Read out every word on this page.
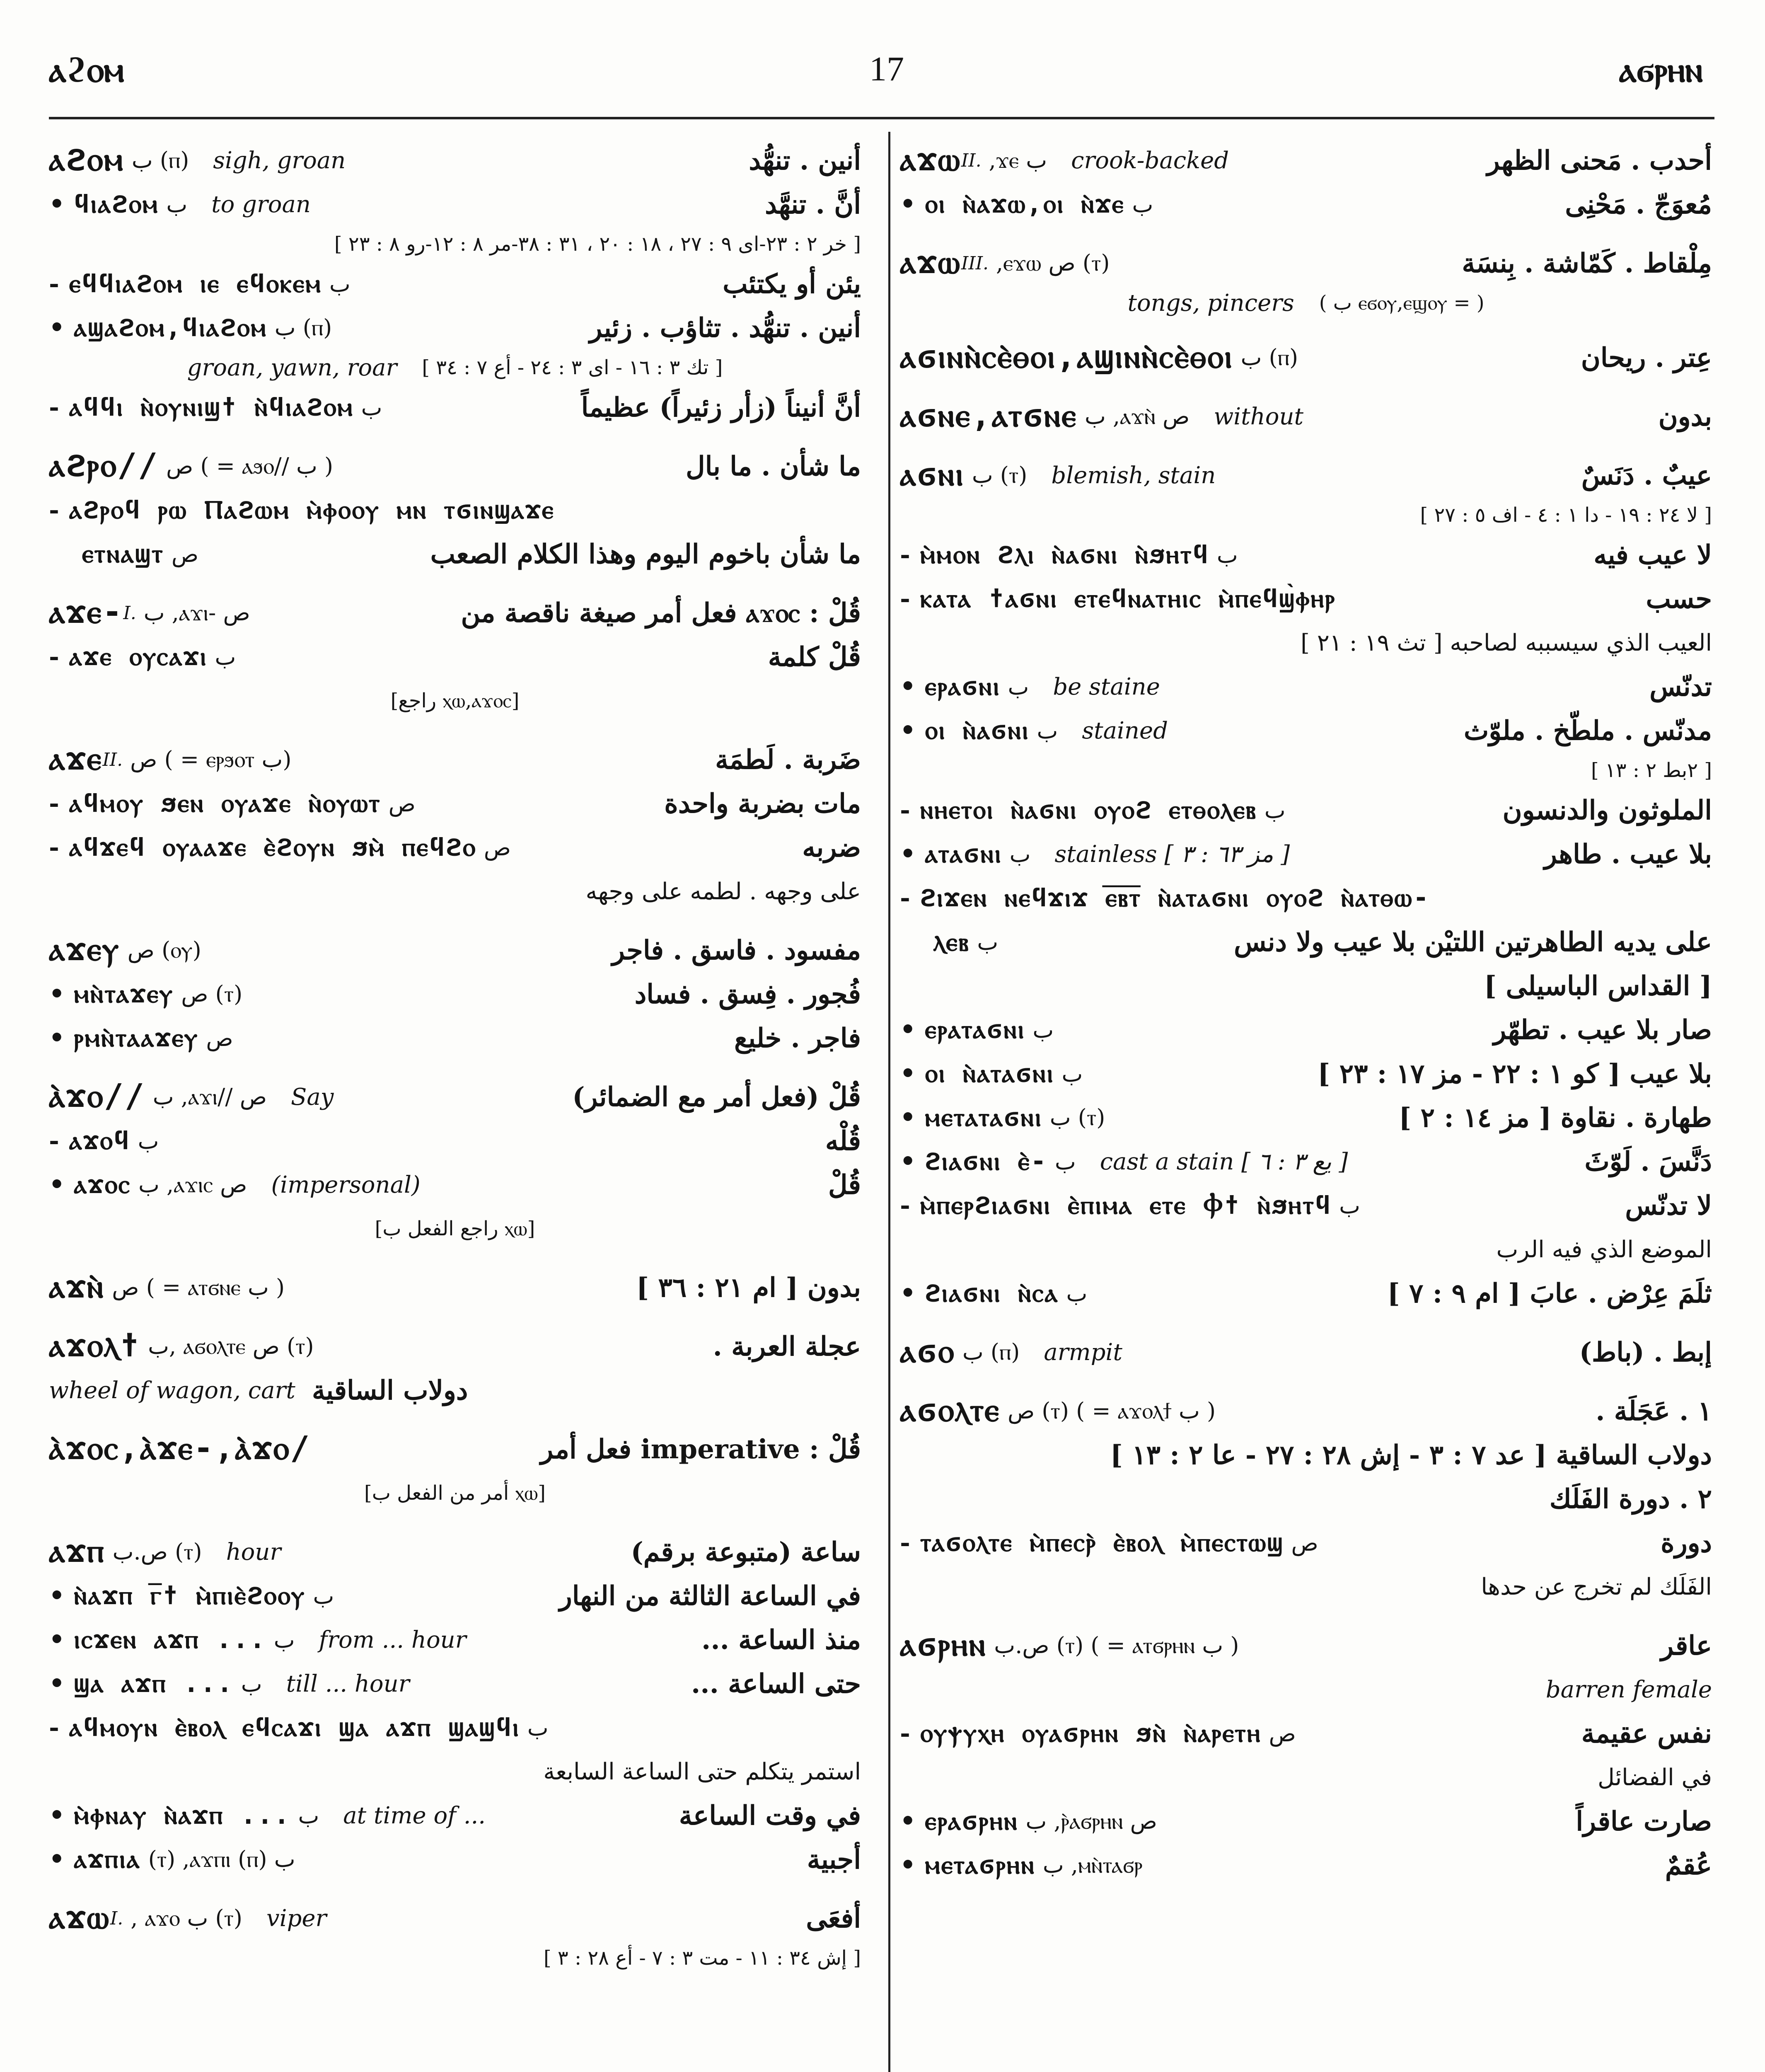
ⲁϩⲟⲙ	17	ⲁϭⲣⲏⲛ
ⲁϩⲟⲙ ب (ⲡ) sigh, groan	أنين . تنهُّد
• ϥⲓⲁϩⲟⲙ ب to groan	أنَّ . تنهَّد
[ خر ٢ : ٢٣-اى ٩ : ٢٧ ، ١٨ : ٢٠ ، ٣١ : ٣٨-مر ٨ : ١٢-رو ٨ : ٢٣ ]
- ⲉϥϥⲓⲁϩⲟⲙ ⲓⲉ ⲉϥⲟⲕⲉⲙ ب	يئن أو يكتئب
• ⲁϣⲁϩⲟⲙ,ϥⲓⲁϩⲟⲙ ب (ⲡ)	أنين . تنهُّد . تثاؤب . زئير
groan, yawn, roar [ تك ٣ : ١٦ - اى ٣ : ٢٤ - أع ٧ : ٣٤ ]
- ⲁϥϥⲓ ⲛ̀ⲟⲩⲛⲓϣϯ ⲛ̀ϥⲓⲁϩⲟⲙ ب	أنَّ أنيناً (زأر زئيراً) عظيماً
ⲁϩⲣⲟ// ص ( = ⲁϧⲟ// ب )	ما شأن . ما بال
- ⲁϩⲣⲟϥ ⲣⲱ Ⲡⲁϩⲱⲙ ⲙ̀ⲫⲟⲟⲩ ⲙⲛ ⲧϭⲓⲛϣⲁϫⲉ
ⲉⲧⲛⲁϣⲧ ص	ما شأن باخوم اليوم وهذا الكلام الصعب
ⲁϫⲉ- I. ب ,ⲁϫⲓ- ص	قُلْ : ⲁϫⲟⲥ فعل أمر صيغة ناقصة من
- ⲁϫⲉ ⲟⲩⲥⲁϫⲓ ب	قُلْ كلمة
[ⲭⲱ,ⲁϫⲟⲥ راجع]
ⲁϫⲉ II. ص ( = ⲉⲣϧⲟⲧ ب)	ضَربة . لَطمَة
- ⲁϥⲙⲟⲩ ϧⲉⲛ ⲟⲩⲁϫⲉ ⲛ̀ⲟⲩⲱⲧ ص	مات بضربة واحدة
- ⲁϥϫⲉϥ ⲟⲩⲁⲁϫⲉ ⲉ̀ϩⲟⲩⲛ ϧⲙ̀ ⲡⲉϥϩⲟ ص	ضربه
على وجهه . لطمه على وجهه
ⲁϫⲉⲩ ص (ⲟⲩ)	مفسود . فاسق . فاجر
• ⲙⲛ̀ⲧⲁϫⲉⲩ ص (ⲧ)	فُجور . فِسق . فساد
• ⲣⲙⲛ̀ⲧⲁⲁϫⲉⲩ ص	فاجر . خليع
ⲁ̀ϫⲟ// ب ,ⲁϫⲓ// ص Say	قُلْ (فعل أمر مع الضمائر)
- ⲁϫⲟϥ ب	قُلْه
• ⲁϫⲟⲥ ب ,ⲁϫⲓⲥ ص (impersonal)	قُلْ
[ⲭⲱ راجع الفعل ب]
ⲁϫⲛ̀ ص ( = ⲁⲧϭⲛⲉ ب )	بدون [ ام ٢١ : ٣٦ ]
ⲁϫⲟⲗϯ ب, ⲁϭⲟⲗⲧⲉ ص (ⲧ)	عجلة العربة .
wheel of wagon, cart دولاب الساقية
ⲁ̀ϫⲟⲥ,ⲁ̀ϫⲉ-,ⲁ̀ϫⲟ/	قُلْ : imperative فعل أمر
[ⲭⲱ أمر من الفعل ب]
ⲁϫⲡ ص.ب (ⲧ) hour	ساعة (متبوعة برقم)
• ⲛ̀ⲁϫⲡ ⲅ̅ϯ ⲙ̀ⲡⲓⲉ̀ϩⲟⲟⲩ ب	في الساعة الثالثة من النهار
• ⲓⲥϫⲉⲛ ⲁϫⲡ ... ب from ... hour	منذ الساعة ...
• ϣⲁ ⲁϫⲡ ... ب till ... hour	حتى الساعة ...
- ⲁϥⲙⲟⲩⲛ ⲉ̀ⲃⲟⲗ ⲉϥⲥⲁϫⲓ ϣⲁ ⲁϫⲡ ϣⲁϣϥⲓ ب
استمر يتكلم حتى الساعة السابعة
• ⲙ̀ⲫⲛⲁⲩ ⲛ̀ⲁϫⲡ ... ب at time of ...	في وقت الساعة
• ⲁϫⲡⲓⲁ (ⲧ) ,ⲁϫⲡⲓ (ⲡ) ب	أجبية
ⲁϫⲱ I. , ⲁϫⲟ ب (ⲧ) viper	أفعَى
[ إش ٣٤ : ١١ - مت ٣ : ٧ - أع ٢٨ : ٣ ]
ⲁϫⲱ II. ,ϫⲉ ب crook-backed	أحدب . مَحنى الظهر
• ⲟⲓ ⲛ̀ⲁϫⲱ,ⲟⲓ ⲛ̀ϫⲉ ب	مُعوَجّ . مَحْنِى
ⲁϫⲱ III. ,ⲉϫⲱ ص (ⲧ)	مِلْقاط . كَمّاشة . بِنسَة
tongs, pincers ( = ⲉϭⲟⲩ,ⲉϣⲟⲩ ب )
ⲁϭⲓⲛⲛ̀ⲥⲉ̀ⲑⲟⲓ,ⲁϣⲓⲛⲛ̀ⲥⲉ̀ⲑⲟⲓ ب (ⲡ)	عِتر . ريحان
ⲁϭⲛⲉ,ⲁⲧϭⲛⲉ ب ,ⲁϫⲛ̀ ص without	بدون
ⲁϭⲛⲓ ب (ⲧ) blemish, stain	عيبٌ . دَنَسٌ
[ لا ٢٤ : ١٩ - دا ١ : ٤ - اف ٥ : ٢٧ ]
- ⲙ̀ⲙⲟⲛ ϩⲗⲓ ⲛ̀ⲁϭⲛⲓ ⲛ̀ϧⲏⲧϥ ب	لا عيب فيه
- ⲕⲁⲧⲁ ϯⲁϭⲛⲓ ⲉⲧⲉϥⲛⲁⲧⲏⲓⲥ ⲙ̀ⲡⲉϥϣ̀ⲫⲏⲣ	حسب
العيب الذي سيسببه لصاحبه [ تث ١٩ : ٢١ ]
• ⲉⲣⲁϭⲛⲓ ب be staine	تدنّس
• ⲟⲓ ⲛ̀ⲁϭⲛⲓ ب stained	مدنّس . ملطّخ . ملوّث
[ ٢بط ٢ : ١٣ ]
- ⲛⲏⲉⲧⲟⲓ ⲛ̀ⲁϭⲛⲓ ⲟⲩⲟϩ ⲉⲧⲑⲟⲗⲉⲃ ب	الملوثون والدنسون
• ⲁⲧⲁϭⲛⲓ ب stainless [ مز ٦٣ : ٣ ]	بلا عيب . طاهر
- ϩⲓϫⲉⲛ ⲛⲉϥϫⲓϫ ⲉ̅ⲃ̅ⲧ̅ ⲛ̀ⲁⲧⲁϭⲛⲓ ⲟⲩⲟϩ ⲛ̀ⲁⲧⲑⲱ-
ⲗⲉⲃ ب	على يديه الطاهرتين اللتيْن بلا عيب ولا دنس
[ القداس الباسيلى ]
• ⲉⲣⲁⲧⲁϭⲛⲓ ب	صار بلا عيب . تطهّر
• ⲟⲓ ⲛ̀ⲁⲧⲁϭⲛⲓ ب	بلا عيب [ كو ١ : ٢٢ - مز ١٧ : ٢٣ ]
• ⲙⲉⲧⲁⲧⲁϭⲛⲓ ب (ⲧ)	طهارة . نقاوة [ مز ١٤ : ٢ ]
• ϩⲓⲁϭⲛⲓ ⲉ̀- ب cast a stain [ يع ٣ : ٦ ]	دَنَّسَ . لَوّثَ
- ⲙ̀ⲡⲉⲣϩⲓⲁϭⲛⲓ ⲉ̀ⲡⲓⲙⲁ ⲉⲧⲉ Ⲫϯ ⲛ̀ϧⲏⲧϥ ب	لا تدنّس
الموضع الذي فيه الرب
• ϩⲓⲁϭⲛⲓ ⲛ̀ⲥⲁ ب	ثلَمَ عِرْض . عابَ [ ام ٩ : ٧ ]
ⲁϭⲟ ب (ⲡ) armpit	إبط . (باط)
ⲁϭⲟⲗⲧⲉ ص (ⲧ) ( = ⲁϫⲟⲗϯ ب )	١ . عَجَلَة .
دولاب الساقية [ عد ٧ : ٣ - إش ٢٨ : ٢٧ - عا ٢ : ١٣ ]
٢ . دورة الفَلَك
- ⲧⲁϭⲟⲗⲧⲉ ⲙ̀ⲡⲉⲥⲣ̀ ⲉ̀ⲃⲟⲗ ⲙ̀ⲡⲉⲥⲧⲱϣ ص	دورة
الفَلَك لم تخرج عن حدها
ⲁϭⲣⲏⲛ ص.ب (ⲧ) ( = ⲁⲧϭⲣⲏⲛ ب )	عاقر
barren female
- ⲟⲩⲯⲩⲭⲏ ⲟⲩⲁϭⲣⲏⲛ ϧⲛ̀ ⲛ̀ⲁⲣⲉⲧⲏ ص	نفس عقيمة
في الفضائل
• ⲉⲣⲁϭⲣⲏⲛ ب ,ⲣ̀ⲁϭⲣⲏⲛ ص	صارت عاقراً
• ⲙⲉⲧⲁϭⲣⲏⲛ ب ,ⲙⲛ̀ⲧⲁϭⲣ	عُقمٌ
